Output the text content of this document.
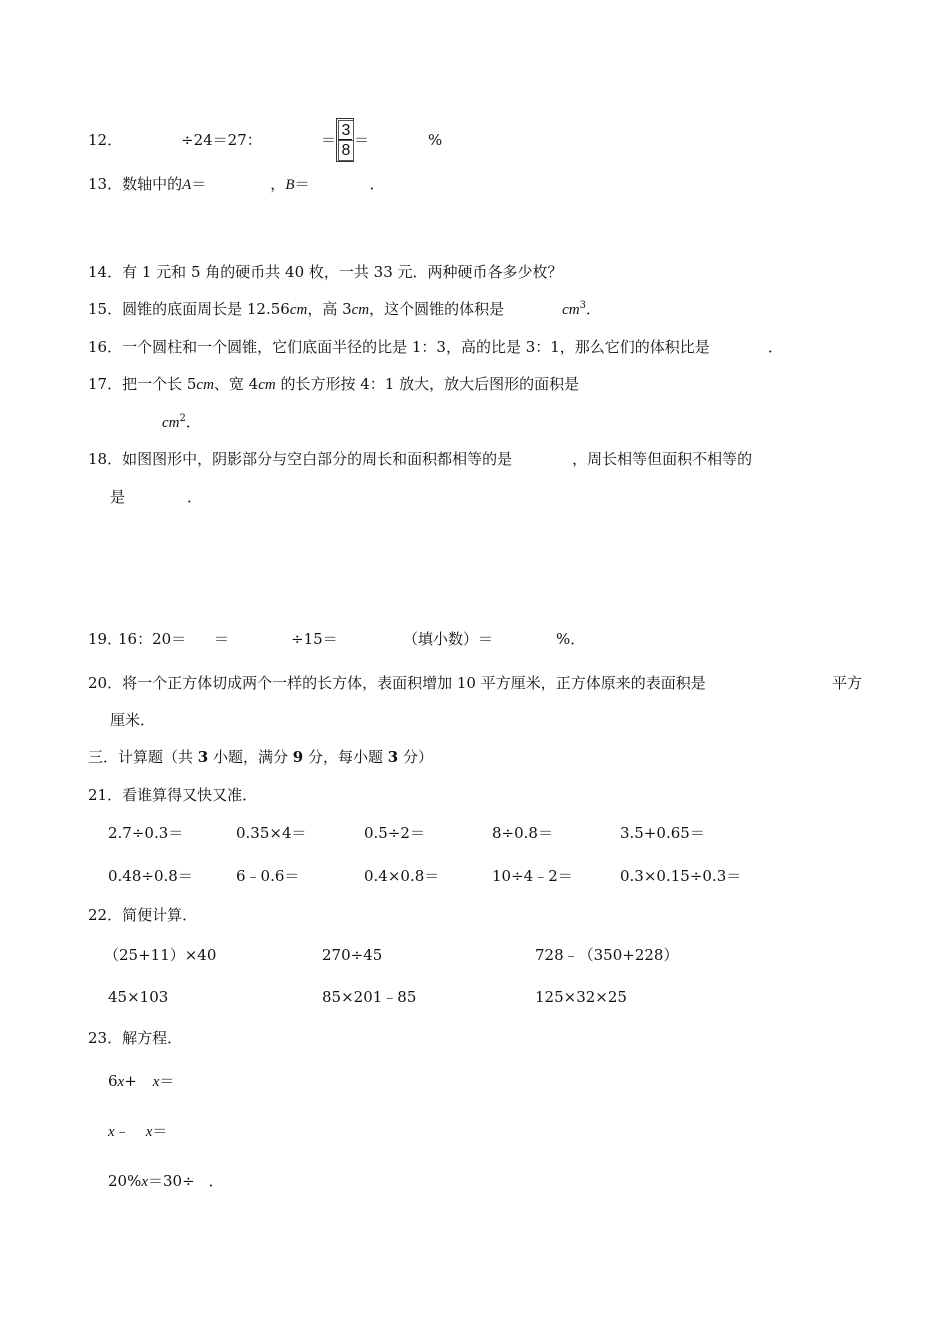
12．	÷24＝27：	＝ $\frac{3}{8}$ ＝	%
13．数轴中的A＝	，B＝	．
14．有 1 元和 5 角的硬币共 40 枚，一共 33 元．两种硬币各多少枚？
15．圆锥的底面周长是 12.56cm，高 3cm，这个圆锥的体积是	$cm^3$．
16．一个圆柱和一个圆锥，它们底面半径的比是 1：3，高的比是 3：1，那么它们的体积比是	．
17．把一个长 5cm、宽 4cm 的长方形按 4：1 放大，放大后图形的面积是
$cm^2$．
18．如图图形中，阴影部分与空白部分的周长和面积都相等的是	，周长相等但面积不相等的
是	．
19．
16：20＝ ＝	÷15＝	（填小数）＝	%．
20．将一个正方体切成两个一样的长方体，表面积增加 10 平方厘米，正方体原来的表面积是	平方
厘米．
三．计算题（共 3 小题，满分 9 分，每小题 3 分）
21．看谁算得又快又准．
2.7÷0.3＝	0.35×4＝	0.5÷2＝	8÷0.8＝	3.5+0.65＝
0.48÷0.8＝	6﹣0.6＝	0.4×0.8＝	10÷4﹣2＝	0.3×0.15÷0.3＝
22．简便计算．
（25+11）×40	270÷45	728﹣（350+228）
45×103	85×201﹣85	125×32×25
23．解方程．
6x+ x＝
x﹣ x＝
20%x＝30÷ ．
